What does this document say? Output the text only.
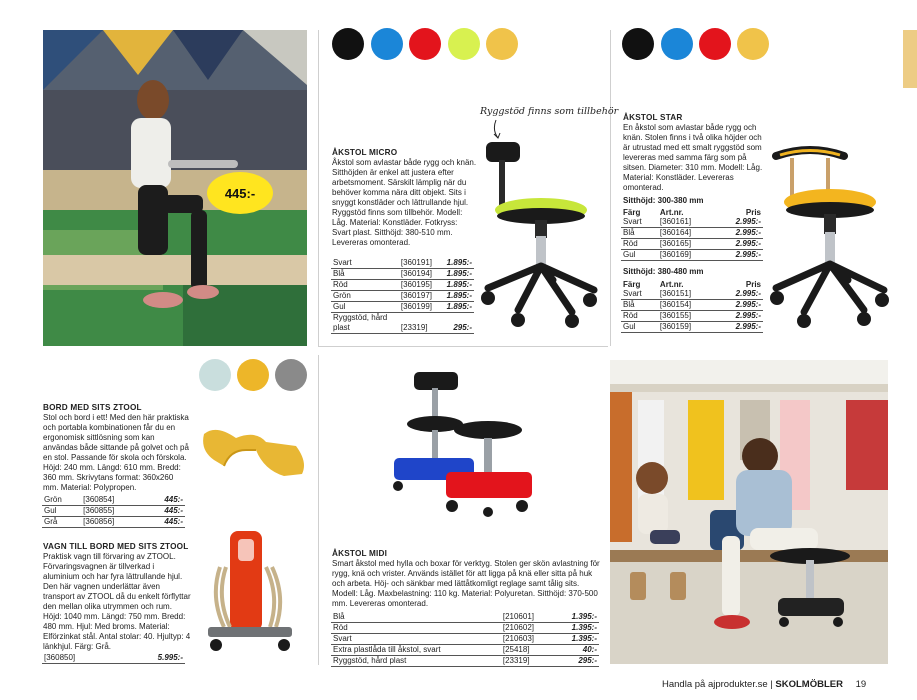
445:-
Ryggstöd finns som tillbehör
ÅKSTOL MICRO
Åkstol som avlastar både rygg och knän. Sitthöjden är enkel att justera efter arbetsmoment. Särskilt lämplig när du behöver komma nära ditt objekt. Sits i snyggt konstläder och lättrullande hjul. Ryggstöd finns som tillbehör. Modell: Låg. Material: Konstläder. Fotkryss: Svart plast. Sitthöjd: 380-510 mm. Levereras omonterad.
Svart	[360191]	1.895:-
Blå	[360194]	1.895:-
Röd	[360195]	1.895:-
Grön	[360197]	1.895:-
Gul	[360199]	1.895:-
Ryggstöd, hård		
plast	[23319]	295:-
ÅKSTOL STAR
En åkstol som avlastar både rygg och knän. Stolen finns i två olika höjder och är utrustad med ett smalt ryggstöd som levereras med samma färg som på sitsen. Diameter: 310 mm. Modell: Låg. Material: Konstläder. Levereras omonterad.
Sitthöjd: 300-380 mm
Färg	Art.nr.	Pris
Svart	[360161]	2.995:-
Blå	[360164]	2.995:-
Röd	[360165]	2.995:-
Gul	[360169]	2.995:-
Sitthöjd: 380-480 mm
Färg	Art.nr.	Pris
Svart	[360151]	2.995:-
Blå	[360154]	2.995:-
Röd	[360155]	2.995:-
Gul	[360159]	2.995:-
BORD MED SITS ZTOOL
Stol och bord i ett! Med den här praktiska och portabla kombinationen får du en ergonomisk sittlösning som kan användas både sittande på golvet och på en stol. Passande för skola och förskola. Höjd: 240 mm. Längd: 610 mm. Bredd: 360 mm. Skrivytans format: 360x260 mm. Material: Polypropen.
Grön	[360854]	445:-
Gul	[360855]	445:-
Grå	[360856]	445:-
VAGN TILL BORD MED SITS ZTOOL
Praktisk vagn till förvaring av ZTOOL. Förvaringsvagnen är tillverkad i aluminium och har fyra lättrullande hjul. Den här vagnen underlättar även transport av ZTOOL då du enkelt förflyttar den mellan olika utrymmen och rum. Höjd: 1040 mm. Längd: 750 mm. Bredd: 480 mm. Hjul: Med broms. Material: Elförzinkat stål. Antal stolar: 40. Hjultyp: 4 länkhjul. Färg: Grå.
[360850]	5.995:-
ÅKSTOL MIDI
Smart åkstol med hylla och boxar för verktyg. Stolen ger skön avlastning för rygg, knä och vrister. Används istället för att ligga på knä eller sitta på huk och arbeta. Höj- och sänkbar med lättåtkomligt reglage samt tålig sits. Modell: Låg. Maxbelastning: 110 kg. Material: Polyuretan. Sitthöjd: 370-500 mm. Levereras omonterad.
Blå	[210601]	1.395:-
Röd	[210602]	1.395:-
Svart	[210603]	1.395:-
Extra plastlåda till åkstol, svart	[25418]	40:-
Ryggstöd, hård plast	[23319]	295:-
Handla på ajprodukter.se | SKOLMÖBLER 19
